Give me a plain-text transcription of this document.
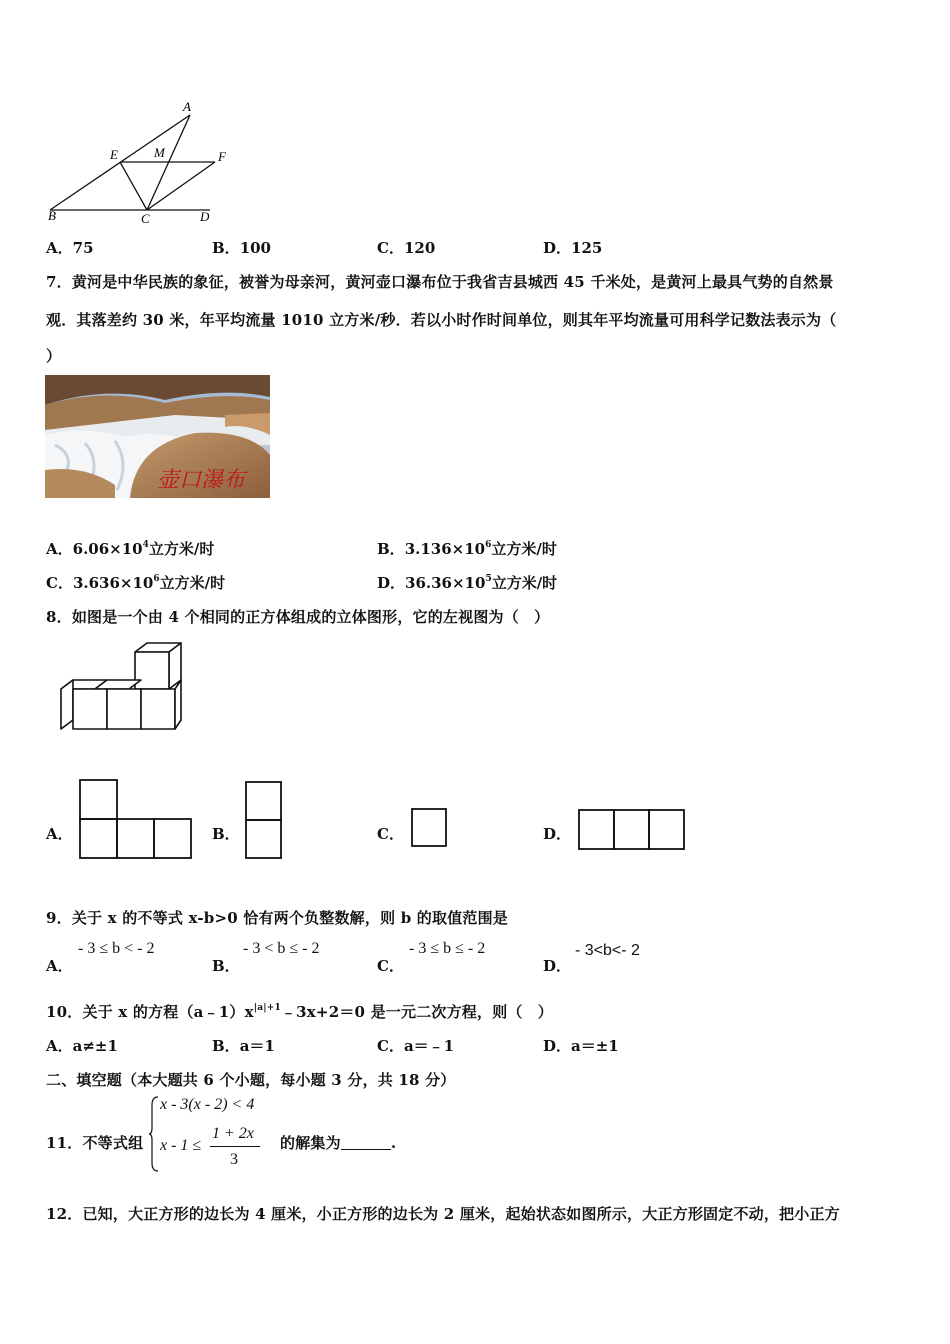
A
E	M	F
B	C	D
A．75	B．100	C．120	D．125
7．黄河是中华民族的象征，被誉为母亲河，黄河壶口瀑布位于我省吉县城西 45 千米处，是黄河上最具气势的自然景
观．其落差约 30 米，年平均流量 1010 立方米/秒．若以小时作时间单位，则其年平均流量可用科学记数法表示为（
）
壶口瀑布
A．$6.06\times 10^4$立方米/时	B．$3.136\times 10^6$立方米/时
C．$3.636\times 10^6$立方米/时	D．$36.36\times 10^5$立方米/时
8．如图是一个由 4 个相同的正方体组成的立体图形，它的左视图为（　）
A．	B．	C．	D．
9．关于 x 的不等式 x-b>0 恰有两个负整数解，则 b 的取值范围是
A．
- 3 ≤ b < - 2
B．
- 3 < b ≤ - 2
C．
- 3 ≤ b ≤ - 2
D．
- 3<b<- 2
10．关于 x 的方程$(a﹣1)x^{|a|+1}﹣3x+2=0$ 是一元二次方程，则（　）
A．a≠±1	B．a＝1	C．a＝﹣1	D．a＝±1
二、填空题（本大题共 6 个小题，每小题 3 分，共 18 分）
11．不等式组
x - 3(x - 2) < 4
x - 1 ≤
1 + 2x
3
的解集为	.
12．已知，大正方形的边长为 4 厘米，小正方形的边长为 2 厘米，起始状态如图所示，大正方形固定不动，把小正方
